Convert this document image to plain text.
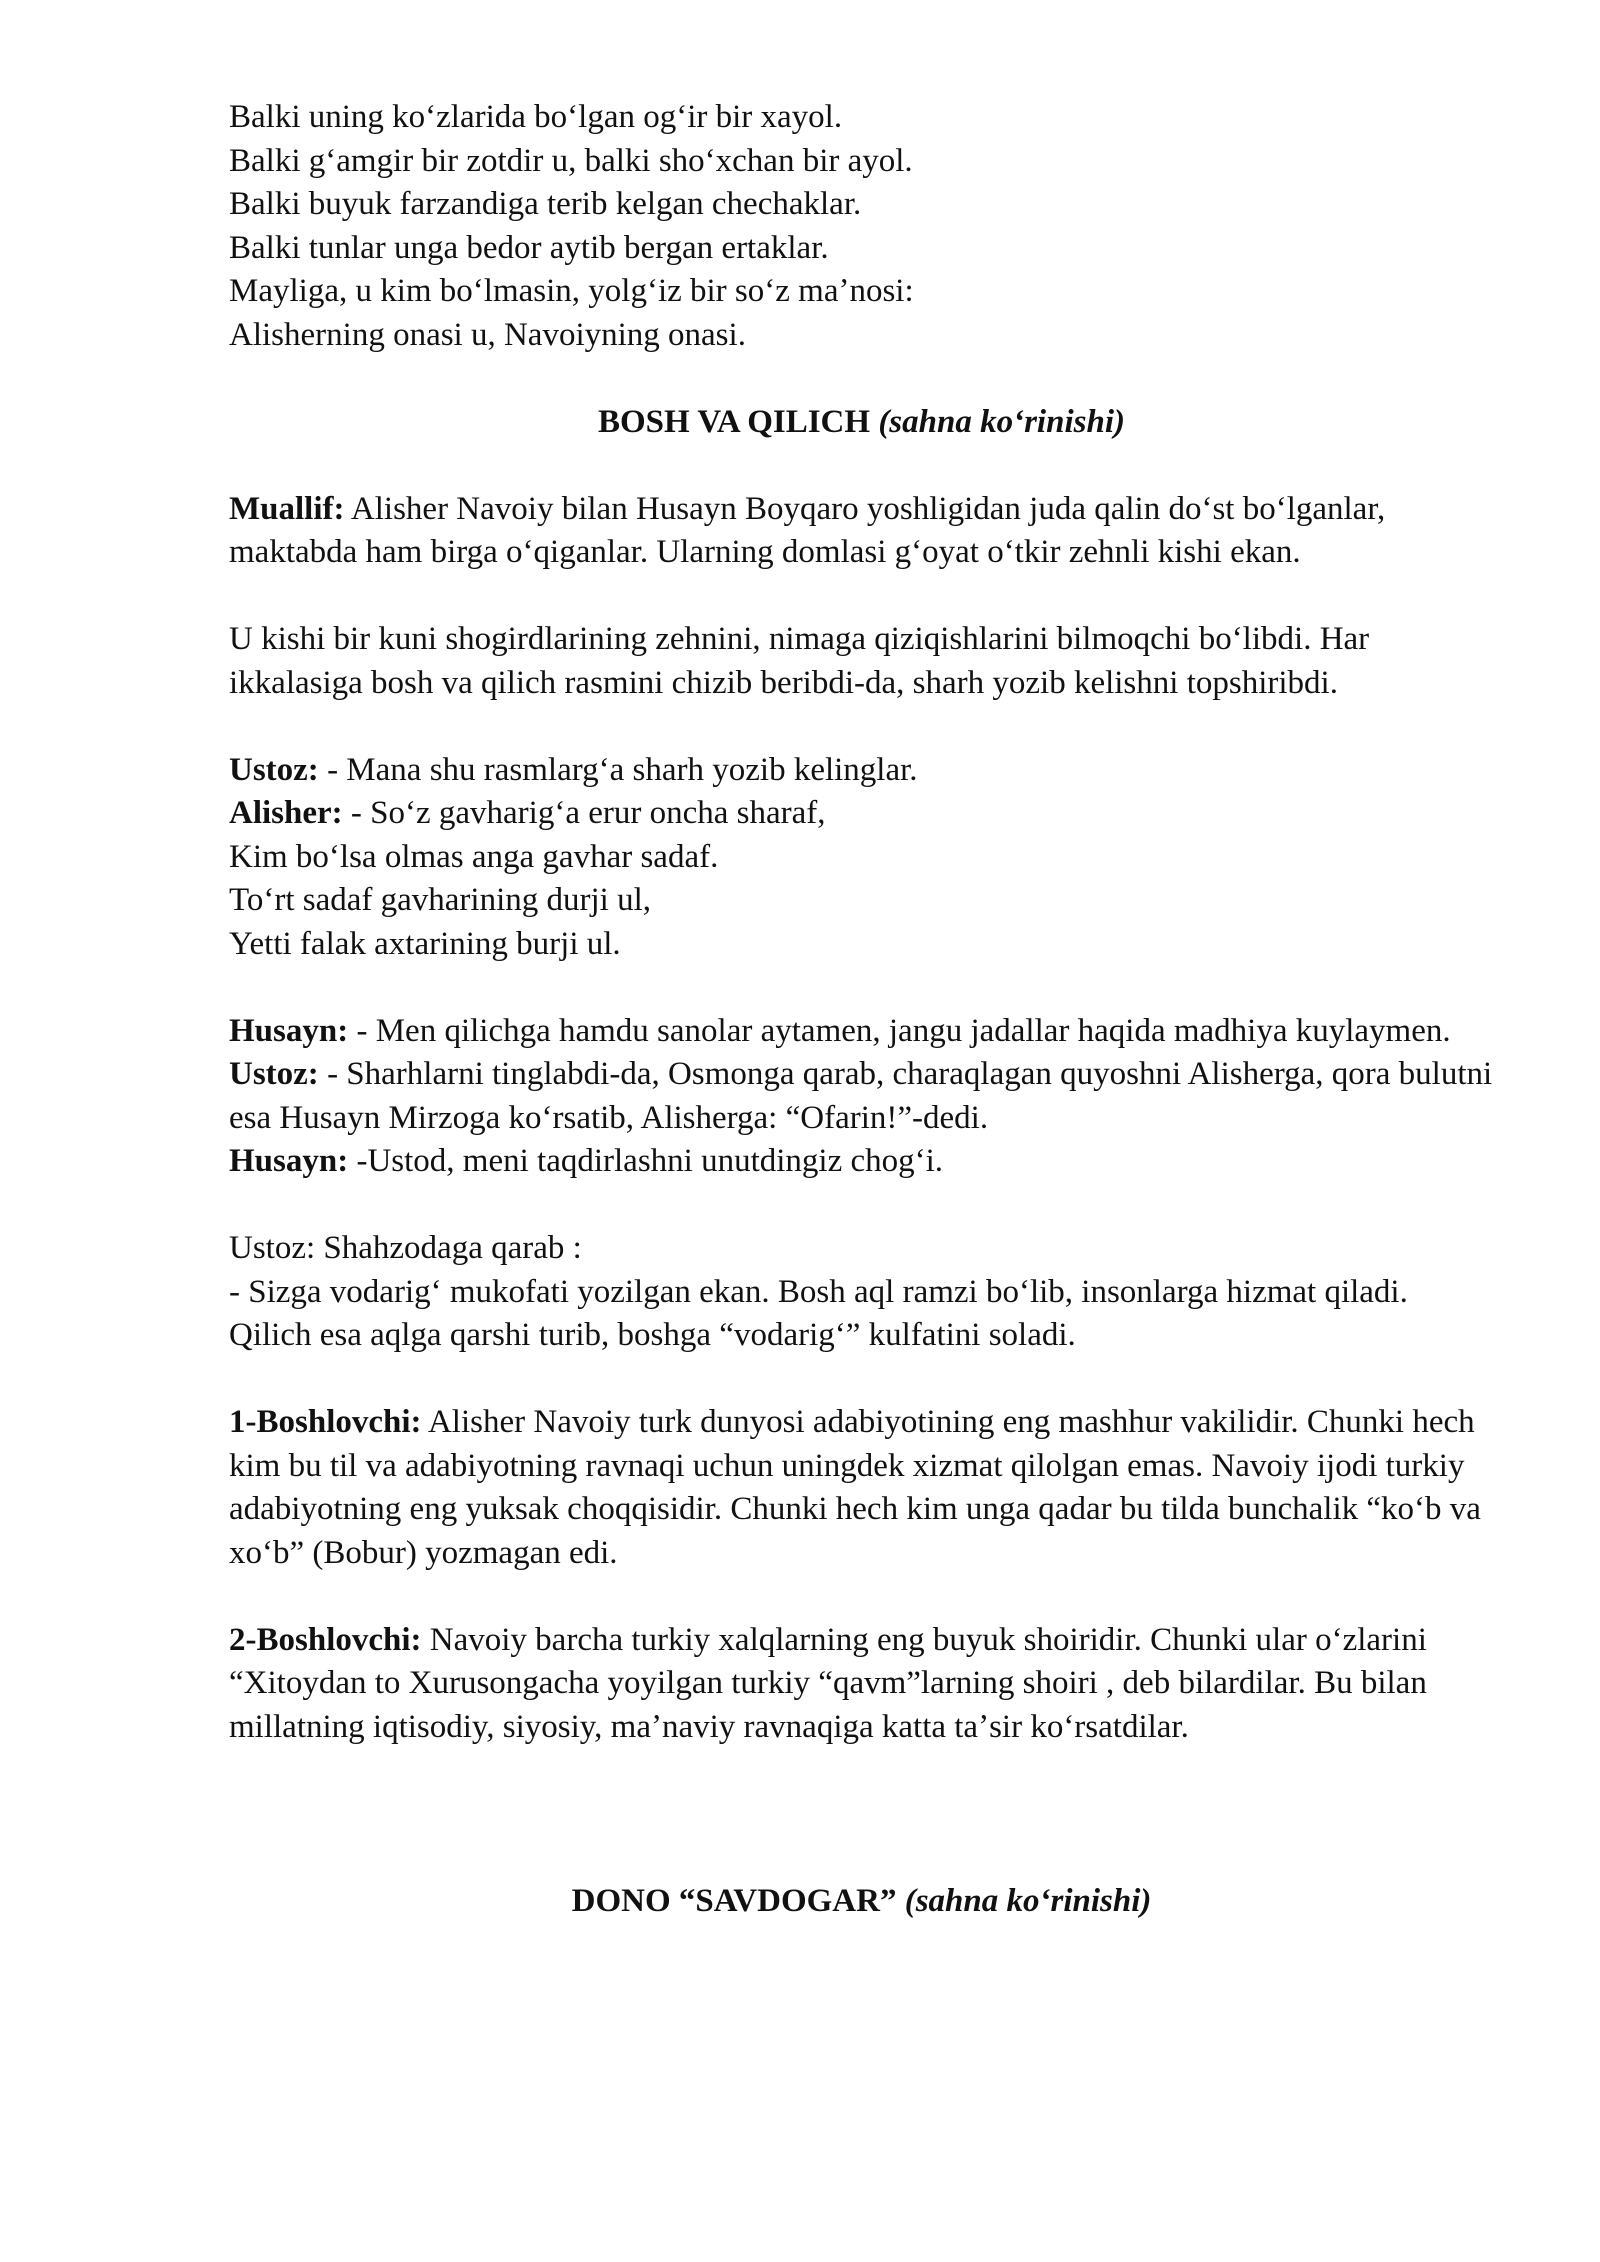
Balki uning koʻzlarida boʻlgan ogʻir bir xayol.
Balki gʻamgir bir zotdir u, balki shoʻxchan bir ayol.
Balki buyuk farzandiga terib kelgan chechaklar.
Balki tunlar unga bedor aytib bergan ertaklar.
Mayliga, u kim boʻlmasin, yolgʻiz bir soʻz maʼnosi:
Alisherning onasi u, Navoiyning onasi.

BOSH VA QILICH (sahna koʻrinishi)

Muallif: Alisher Navoiy bilan Husayn Boyqaro yoshligidan juda qalin doʻst boʻlganlar, maktabda ham birga oʻqiganlar. Ularning domlasi gʻoyat oʻtkir zehnli kishi ekan.

U kishi bir kuni shogirdlarining zehnini, nimaga qiziqishlarini bilmoqchi boʻlibdi. Har ikkalasiga bosh va qilich rasmini chizib beribdi-da, sharh yozib kelishni topshiribdi.

Ustoz: - Mana shu rasmlargʻa sharh yozib kelinglar.
Alisher: - Soʻz gavharigʻa erur oncha sharaf,
Kim boʻlsa olmas anga gavhar sadaf.
Toʻrt sadaf gavharining durji ul,
Yetti falak axtarining burji ul.

Husayn: - Men qilichga hamdu sanolar aytamen, jangu jadallar haqida madhiya kuylaymen.

Ustoz: - Sharhlarni tinglabdi-da, Osmonga qarab, charaqlagan quyoshni Alisherga, qora bulutni esa Husayn Mirzoga koʻrsatib, Alisherga: “Ofarin!”-dedi.

Husayn: -Ustod, meni taqdirlashni unutdingiz chogʻi.

Ustoz: Shahzodaga qarab :

- Sizga vodarigʻ mukofati yozilgan ekan. Bosh aql ramzi boʻlib, insonlarga hizmat qiladi. Qilich esa aqlga qarshi turib, boshga “vodarigʻ” kulfatini soladi.

1-Boshlovchi: Alisher Navoiy turk dunyosi adabiyotining eng mashhur vakilidir. Chunki hech kim bu til va adabiyotning ravnaqi uchun uningdek xizmat qilolgan emas. Navoiy ijodi turkiy adabiyotning eng yuksak choqqisidir. Chunki hech kim unga qadar bu tilda bunchalik “koʻb va xoʻb” (Bobur) yozmagan edi.

2-Boshlovchi: Navoiy barcha turkiy xalqlarning eng buyuk shoiridir. Chunki ular oʻzlarini “Xitoydan to Xurusongacha yoyilgan turkiy “qavm”larning shoiri , deb bilardilar. Bu bilan millatning iqtisodiy, siyosiy, maʼnaviy ravnaqiga katta taʼsir koʻrsatdilar.

DONO “SAVDOGAR” (sahna koʻrinishi)
